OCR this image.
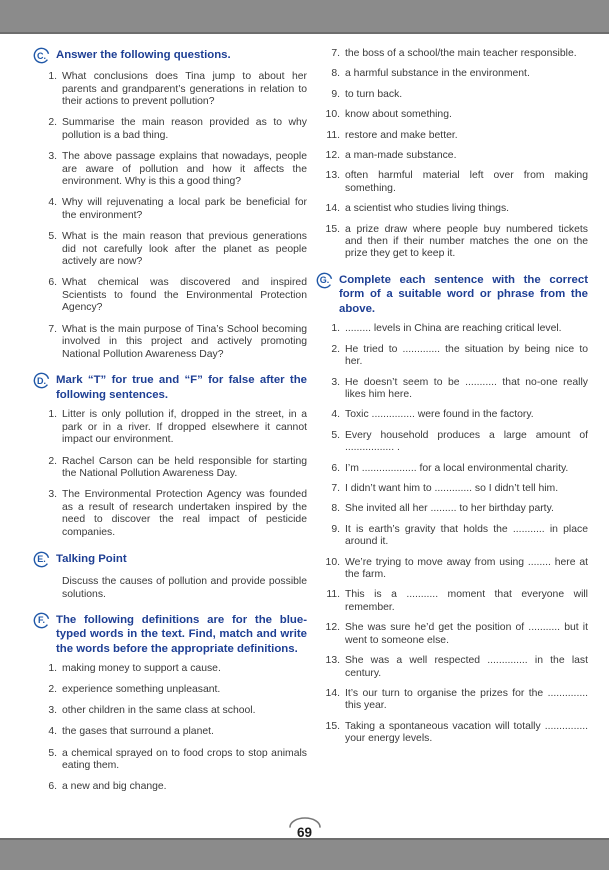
C. Answer the following questions.
1. What conclusions does Tina jump to about her parents and grandparent’s generations in relation to their actions to prevent pollution?
2. Summarise the main reason provided as to why pollution is a bad thing.
3. The above passage explains that nowadays, people are aware of pollution and how it affects the environment. Why is this a good thing?
4. Why will rejuvenating a local park be beneficial for the environment?
5. What is the main reason that previous generations did not carefully look after the planet as people actively are now?
6. What chemical was discovered and inspired Scientists to found the Environmental Protection Agency?
7. What is the main purpose of Tina’s School becoming involved in this project and actively promoting National Pollution Awareness Day?
D. Mark “T” for true and “F” for false after the following sentences.
1. Litter is only pollution if, dropped in the street, in a park or in a river. If dropped elsewhere it cannot impact our environment.
2. Rachel Carson can be held responsible for starting the National Pollution Awareness Day.
3. The Environmental Protection Agency was founded as a result of research undertaken inspired by the need to discover the real impact of pesticide companies.
E. Talking Point

Discuss the causes of pollution and provide possible solutions.

F. The following definitions are for the blue-typed words in the text. Find, match and write the words before the appropriate definitions.
1. making money to support a cause.
2. experience something unpleasant.
3. other children in the same class at school.
4. the gases that surround a planet.
5. a chemical sprayed on to food crops to stop animals eating them.
6. a new and big change.
7. the boss of a school/the main teacher responsible.
8. a harmful substance in the environment.
9. to turn back.
10. know about something.
11. restore and make better.
12. a man-made substance.
13. often harmful material left over from making something.
14. a scientist who studies living things.
15. a prize draw where people buy numbered tickets and then if their number matches the one on the prize they get to keep it.
G. Complete each sentence with the correct form of a suitable word or phrase from the above.
1. ......... levels in China are reaching critical level.
2. He tried to ............. the situation by being nice to her.
3. He doesn’t seem to be ........... that no-one really likes him here.
4. Toxic ............... were found in the factory.
5. Every household produces a large amount of ................. .
6. I’m ................... for a local environmental charity.
7. I didn’t want him to ............. so I didn’t tell him.
8. She invited all her ......... to her birthday party.
9. It is earth’s gravity that holds the ........... in place around it.
10. We’re trying to move away from using ........ here at the farm.
11. This is a ........... moment that everyone will remember.
12. She was sure he’d get the position of ........... but it went to someone else.
13. She was a well respected .............. in the last century.
14. It’s our turn to organise the prizes for the .............. this year.
15. Taking a spontaneous vacation will totally ............... your energy levels.
69
